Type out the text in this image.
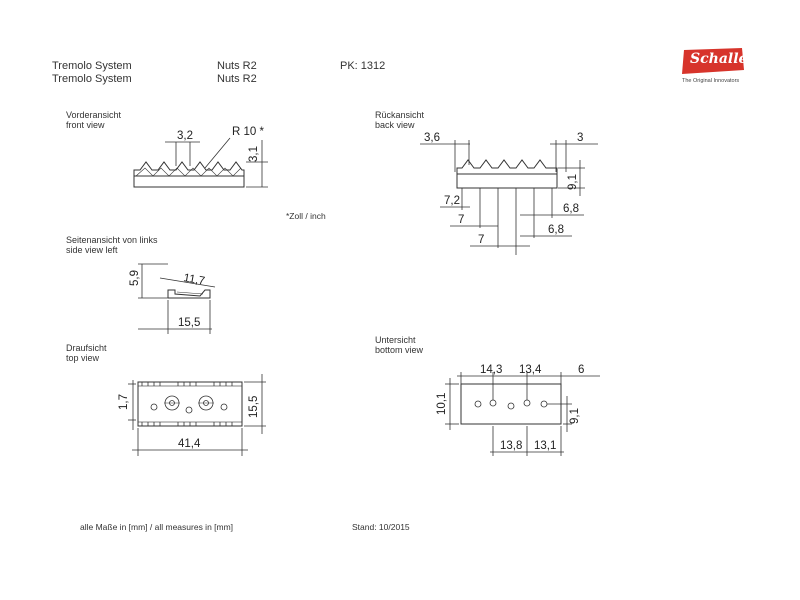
Tremolo System	Nuts R2	PK: 1312
Tremolo System	Nuts R2
Schaller
The Original Innovators
Vorderansicht
front view
Rückansicht
back view
Seitenansicht von links
side view left
Draufsicht
top view
Untersicht
bottom view
*Zoll / inch
alle Maße in [mm] / all measures in [mm]	Stand: 10/2015
3,2	R 10 *
3,1
3,6	3
9,1
7,2
7
7
6,8
6,8
5,9	11,7
15,5
1,7	15,5
41,4
14,3 13,4	6
10,1
9,1
13,8 13,1
